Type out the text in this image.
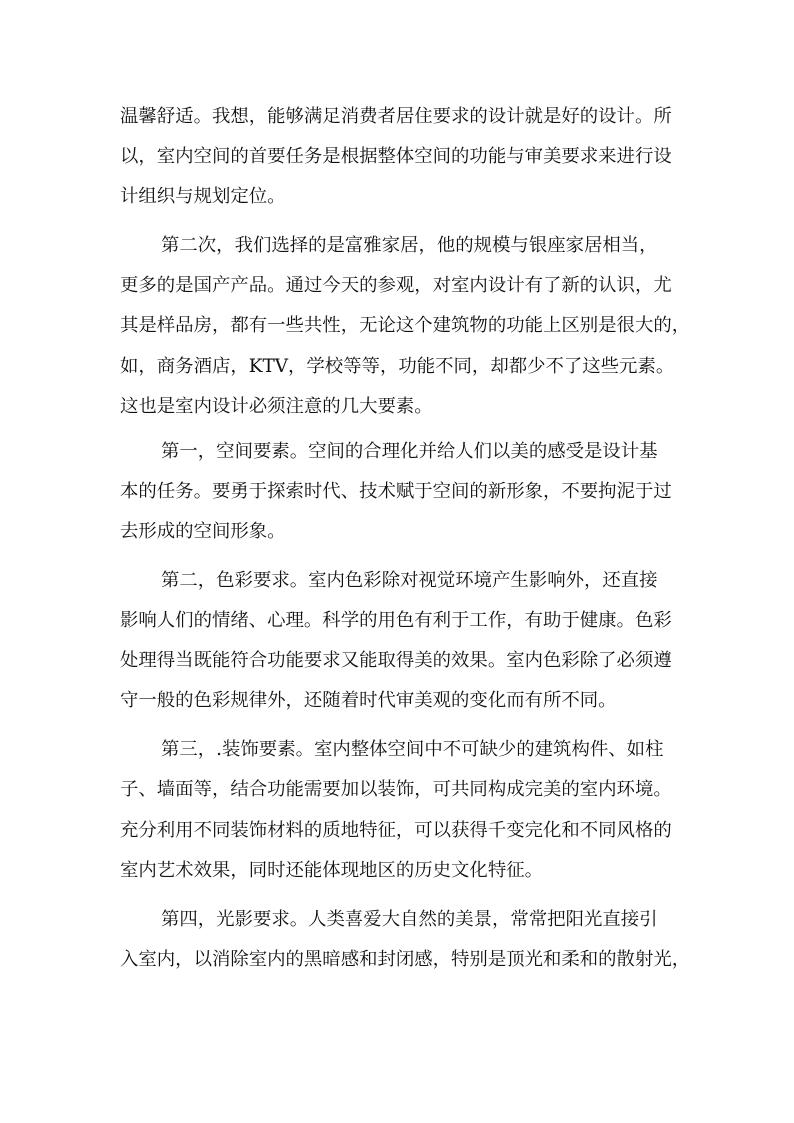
温馨舒适。我想，能够满足消费者居住要求的设计就是好的设计。所

以，室内空间的首要任务是根据整体空间的功能与审美要求来进行设

计组织与规划定位。

第二次，我们选择的是富雅家居，他的规模与银座家居相当，

更多的是国产产品。通过今天的参观，对室内设计有了新的认识，尤

其是样品房，都有一些共性，无论这个建筑物的功能上区别是很大的，

如，商务酒店，KTV，学校等等，功能不同，却都少不了这些元素。

这也是室内设计必须注意的几大要素。

第一，空间要素。空间的合理化并给人们以美的感受是设计基

本的任务。要勇于探索时代、技术赋于空间的新形象，不要拘泥于过

去形成的空间形象。

第二，色彩要求。室内色彩除对视觉环境产生影响外，还直接

影响人们的情绪、心理。科学的用色有利于工作，有助于健康。色彩

处理得当既能符合功能要求又能取得美的效果。室内色彩除了必须遵

守一般的色彩规律外，还随着时代审美观的变化而有所不同。

第三，.装饰要素。室内整体空间中不可缺少的建筑构件、如柱

子、墙面等，结合功能需要加以装饰，可共同构成完美的室内环境。

充分利用不同装饰材料的质地特征，可以获得千变完化和不同风格的

室内艺术效果，同时还能体现地区的历史文化特征。

第四，光影要求。人类喜爱大自然的美景，常常把阳光直接引

入室内，以消除室内的黑暗感和封闭感，特别是顶光和柔和的散射光，
